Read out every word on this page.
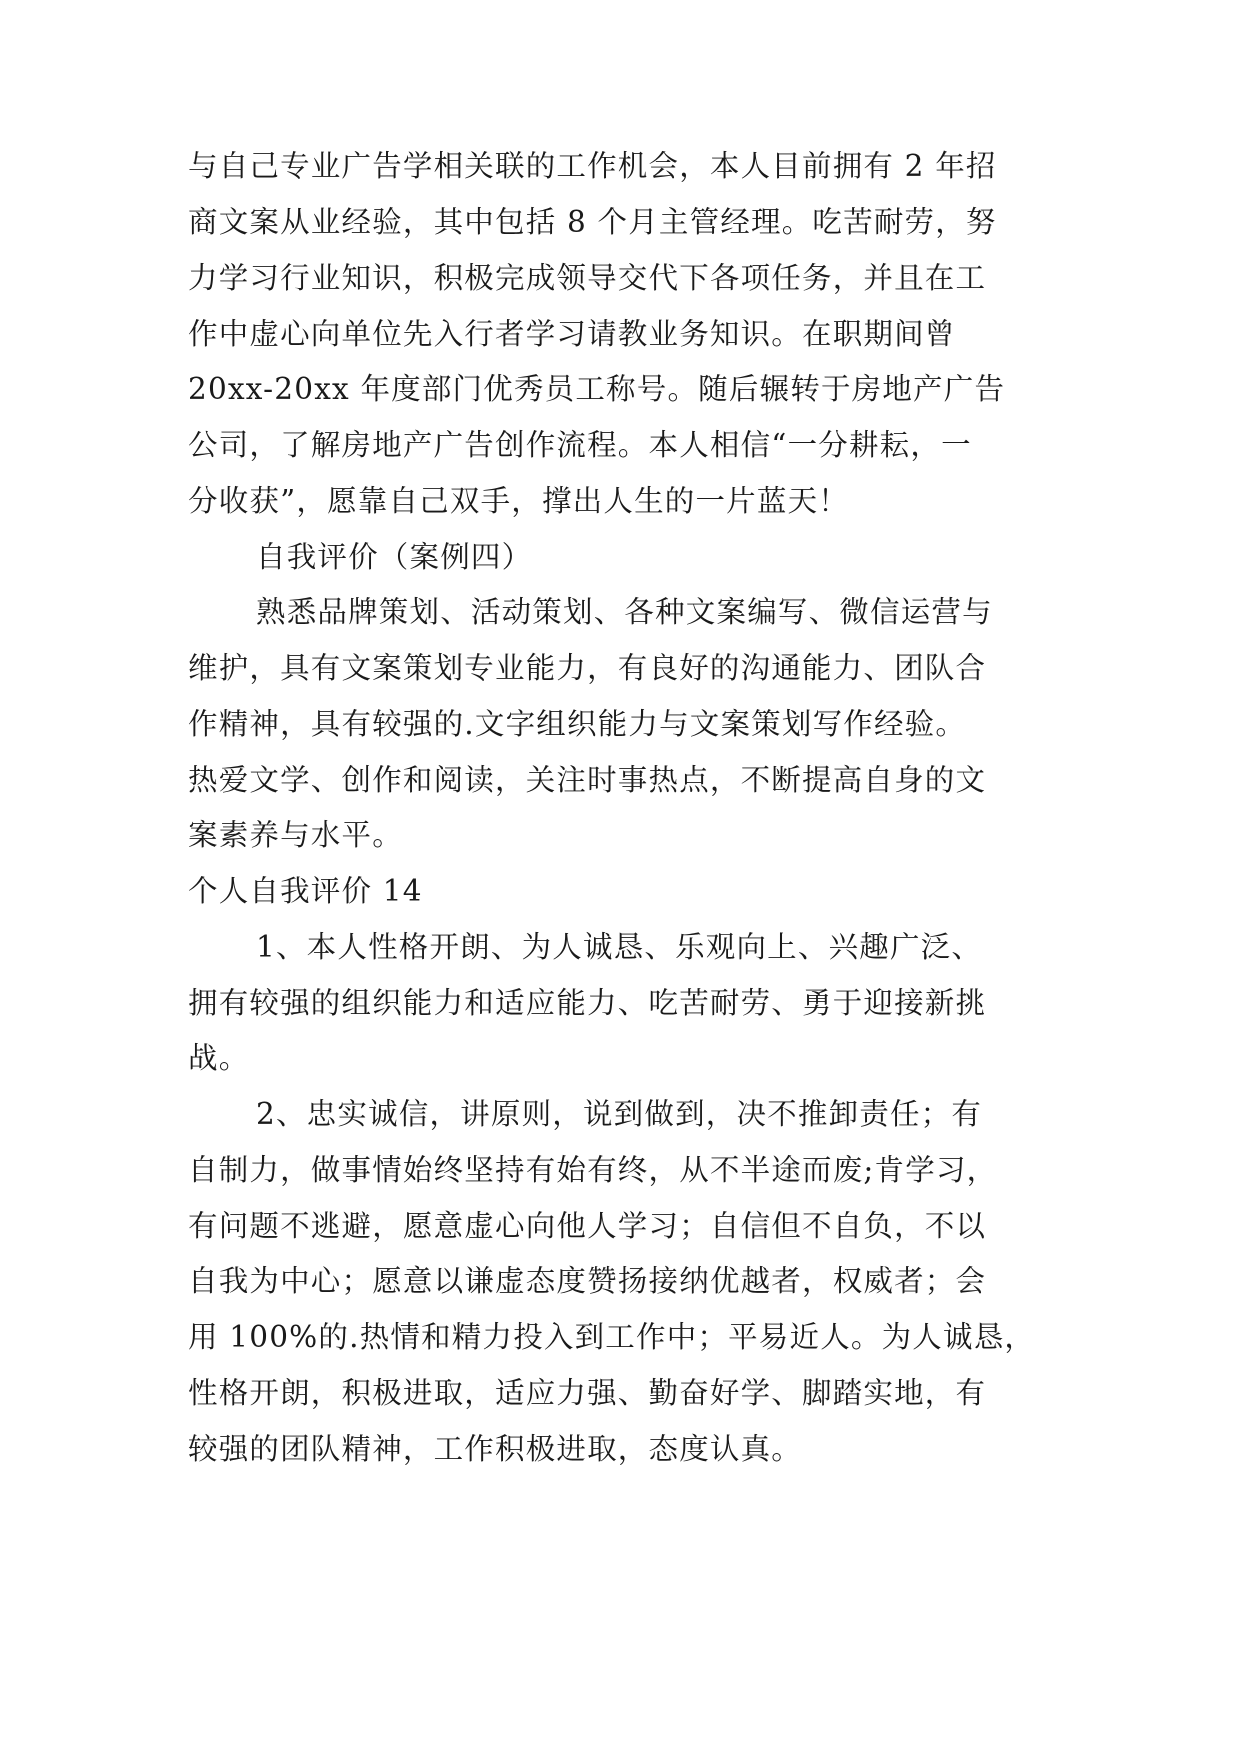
与自己专业广告学相关联的工作机会，本人目前拥有 2 年招
商文案从业经验，其中包括 8 个月主管经理。吃苦耐劳，努
力学习行业知识，积极完成领导交代下各项任务，并且在工
作中虚心向单位先入行者学习请教业务知识。在职期间曾
20xx-20xx 年度部门优秀员工称号。随后辗转于房地产广告
公司，了解房地产广告创作流程。本人相信“一分耕耘，一
分收获”，愿靠自己双手，撑出人生的一片蓝天！
自我评价（案例四）
熟悉品牌策划、活动策划、各种文案编写、微信运营与
维护，具有文案策划专业能力，有良好的沟通能力、团队合
作精神，具有较强的.文字组织能力与文案策划写作经验。
热爱文学、创作和阅读，关注时事热点，不断提高自身的文
案素养与水平。
个人自我评价 14
1、本人性格开朗、为人诚恳、乐观向上、兴趣广泛、
拥有较强的组织能力和适应能力、吃苦耐劳、勇于迎接新挑
战。
2、忠实诚信，讲原则，说到做到，决不推卸责任；有
自制力，做事情始终坚持有始有终，从不半途而废;肯学习，
有问题不逃避，愿意虚心向他人学习；自信但不自负，不以
自我为中心；愿意以谦虚态度赞扬接纳优越者，权威者；会
用 100%的.热情和精力投入到工作中；平易近人。为人诚恳，
性格开朗，积极进取，适应力强、勤奋好学、脚踏实地，有
较强的团队精神，工作积极进取，态度认真。
